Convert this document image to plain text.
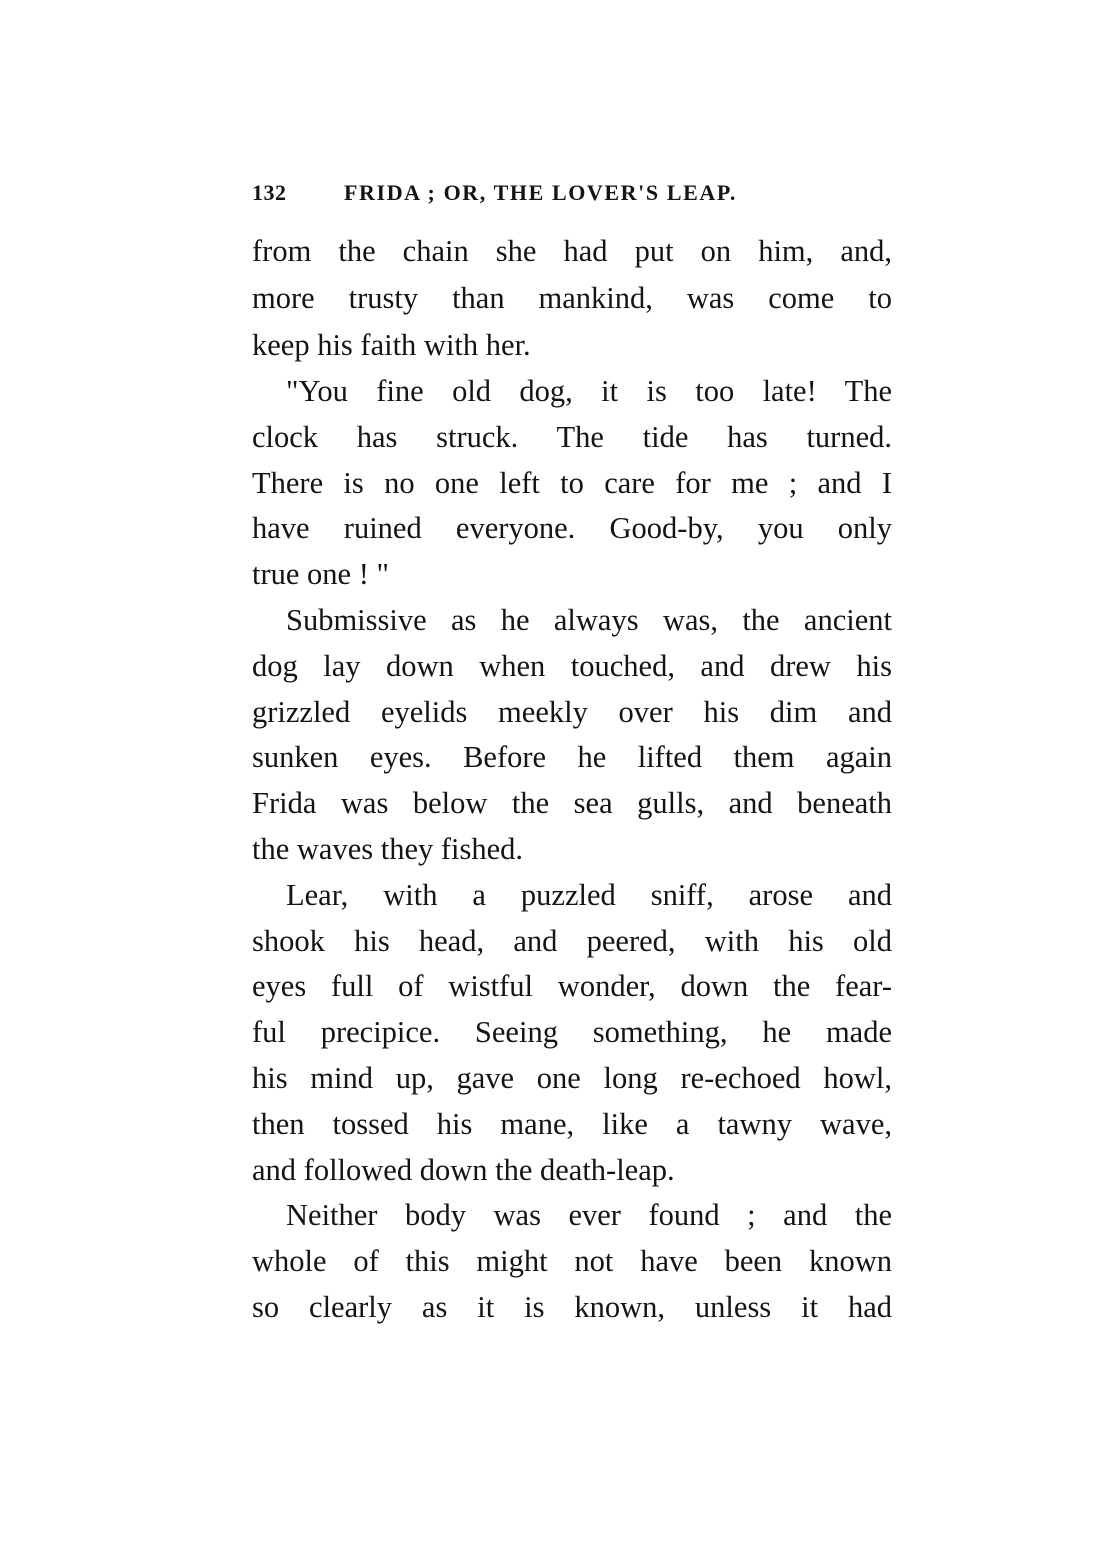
132	FRIDA ; OR, THE LOVER'S LEAP.
from the chain she had put on him, and,
more trusty than mankind, was come to
keep his faith with her.
"You fine old dog, it is too late! The
clock has struck. The tide has turned.
There is no one left to care for me ; and I
have ruined everyone. Good-by, you only
true one ! "
Submissive as he always was, the ancient
dog lay down when touched, and drew his
grizzled eyelids meekly over his dim and
sunken eyes. Before he lifted them again
Frida was below the sea gulls, and beneath
the waves they fished.
Lear, with a puzzled sniff, arose and
shook his head, and peered, with his old
eyes full of wistful wonder, down the fear-
ful precipice. Seeing something, he made
his mind up, gave one long re-echoed howl,
then tossed his mane, like a tawny wave,
and followed down the death-leap.
Neither body was ever found ; and the
whole of this might not have been known
so clearly as it is known, unless it had
